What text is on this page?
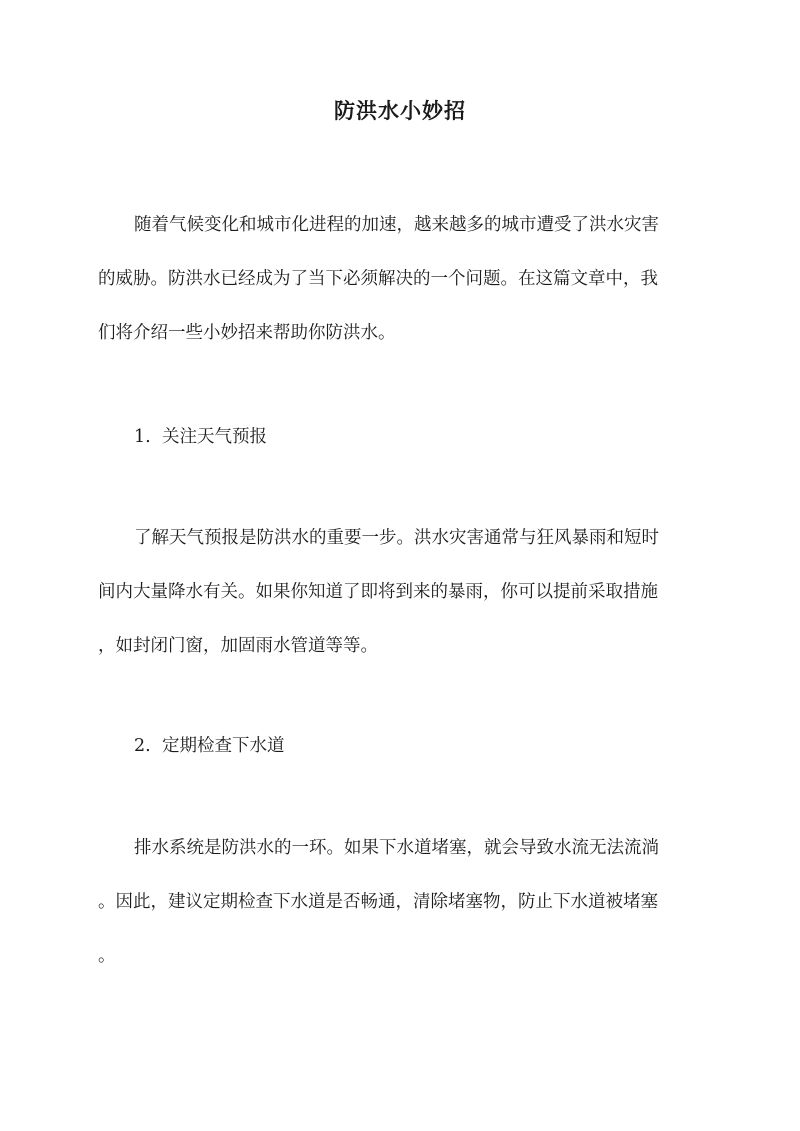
防洪水小妙招
随着气候变化和城市化进程的加速，越来越多的城市遭受了洪水灾害
的威胁。防洪水已经成为了当下必须解决的一个问题。在这篇文章中，我
们将介绍一些小妙招来帮助你防洪水。
1. 关注天气预报
了解天气预报是防洪水的重要一步。洪水灾害通常与狂风暴雨和短时
间内大量降水有关。如果你知道了即将到来的暴雨，你可以提前采取措施
，如封闭门窗，加固雨水管道等等。
2. 定期检查下水道
排水系统是防洪水的一环。如果下水道堵塞，就会导致水流无法流淌
。因此，建议定期检查下水道是否畅通，清除堵塞物，防止下水道被堵塞
。
